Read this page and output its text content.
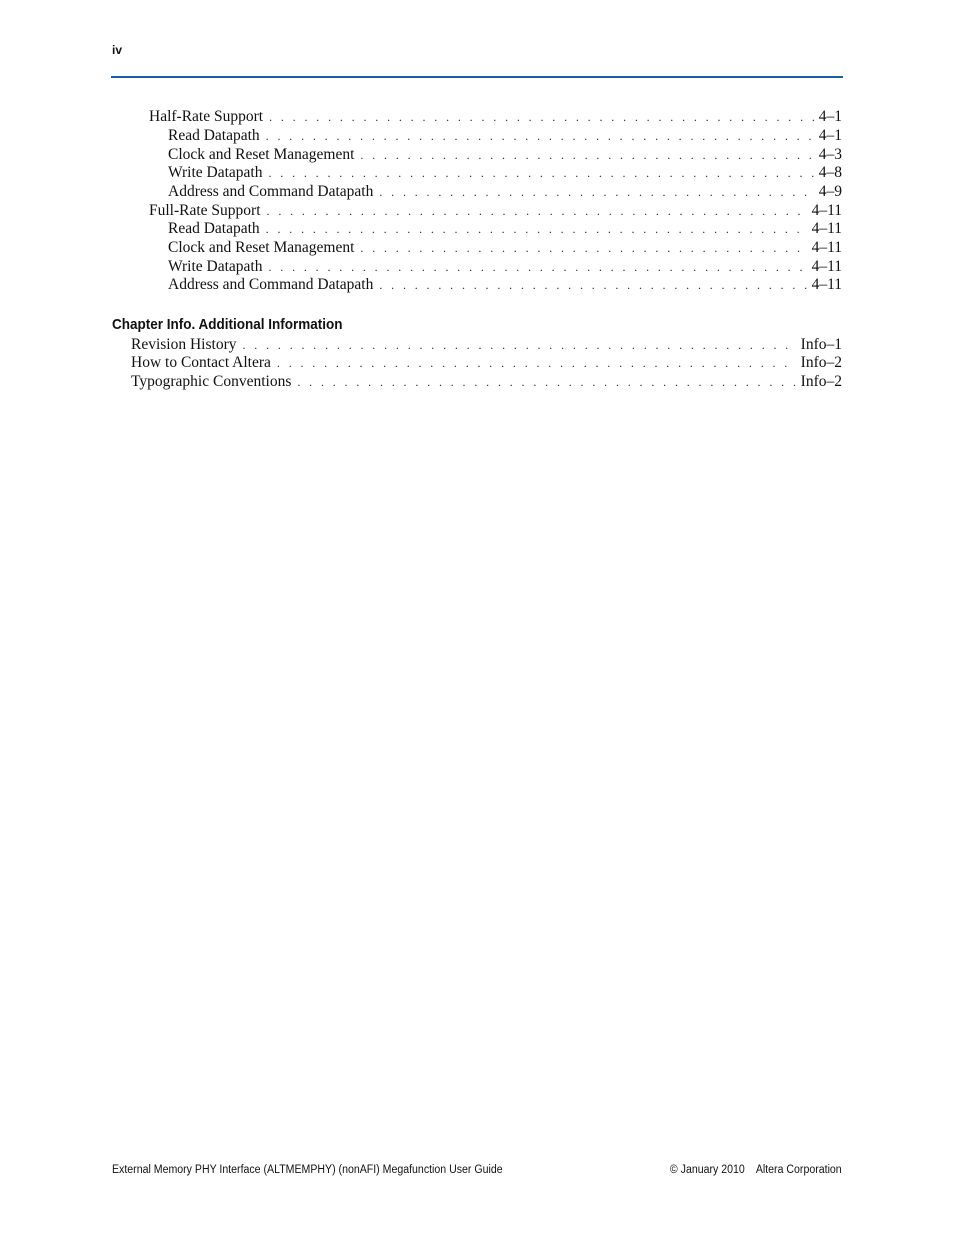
iv
Half-Rate Support . . .	4–1
Read Datapath . . .	4–1
Clock and Reset Management . . .	4–3
Write Datapath . . .	4–8
Address and Command Datapath . . .	4–9
Full-Rate Support . . .	4–11
Read Datapath . . .	4–11
Clock and Reset Management . . .	4–11
Write Datapath . . .	4–11
Address and Command Datapath . . .	4–11
Chapter Info. Additional Information
Revision History . . .	Info–1
How to Contact Altera . . .	Info–2
Typographic Conventions . . .	Info–2
External Memory PHY Interface (ALTMEMPHY) (nonAFI) Megafunction User Guide	© January 2010 Altera Corporation
